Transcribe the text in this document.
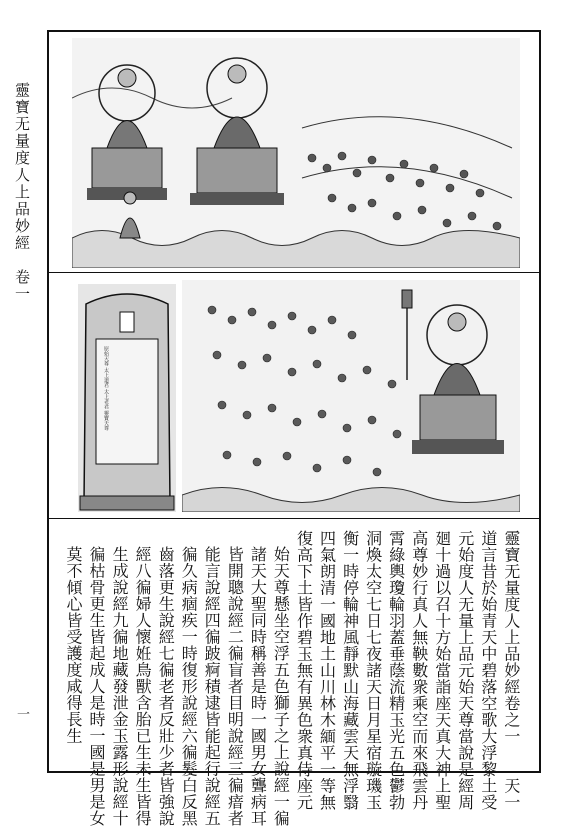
靈寶无量度人上品妙經　卷一
一
原始天尊 太上道君 太上老君 靈寶天尊
靈寶无量度人上品妙經卷之一　　天一
道言昔於始青天中碧落空歌大浮黎土受
元始度人无量上品元始天尊當說是經周
廻十過以召十方始當詣座天真大神上聖
高尊妙行真人無鞅數衆乘空而來飛雲丹
霄綠輿瓊輪羽蓋垂蔭流精玉光五色鬱勃
洞煥太空七日七夜諸天日月星宿璇璣玉
衡一時停輪神風靜默山海藏雲天無浮翳
四氣朗清一國地土山川林木緬平一等無
復高下土皆作碧玉無有異色衆真侍座元
始天尊懸坐空浮五色獅子之上說經一徧
諸天大聖同時稱善是時一國男女聾病耳
皆開聰說經二徧盲者目明說經三徧瘖者
能言說經四徧跛痾積逮皆能起行說經五
徧久病痼疾一時復形說經六徧髮白反黑
齒落更生說經七徧老者反壯少者皆強說
經八徧婦人懷姙鳥獸含胎已生未生皆得
生成說經九徧地藏發泄金玉露形說經十
徧枯骨更生皆起成人是時一國是男是女
莫不傾心皆受護度咸得長生
